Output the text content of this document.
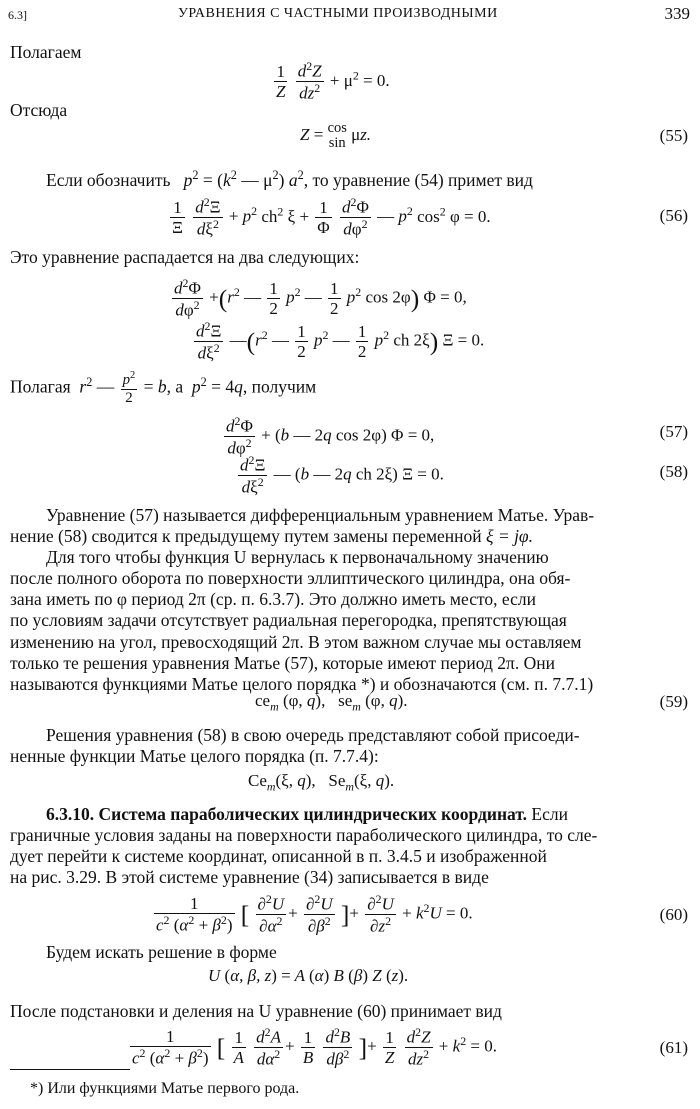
6.3]	УРАВНЕНИЯ С ЧАСТНЫМИ ПРОИЗВОДНЫМИ	339
Полагаем
$\frac{1}{Z}$
$\frac{d^2Z}{dz^2} + \mu^2 = 0$.
Отсюда
Z = cos
sin μz.	(55)
Если обозначить   $p^2 = (k^2$ — $\mu^2$) $a^2$, то уравнение (54) примет вид
$\frac{1}{\Xi}$
$\frac{d^2\Xi}{d\xi^2} + p^2$ $ch^2$ $\xi + \frac{1}{\Phi}$
$\frac{d^2\Phi}{d\varphi^2}$ — $p^2$ $\cos^2 \varphi = 0$.	(56)
Это уравнение распадается на два следующих:
$\frac{d^2\Phi}{d\varphi^2} +(r^2$ — $\frac{1}{2} p^2$ — $\frac{1}{2} p^2$ cos 2φ) Φ = 0,
$\frac{d^2\Xi}{d\xi^2}$ $—(r^2$ — $\frac{1}{2} p^2$ — $\frac{1}{2} p^2$ ch 2ξ) Ξ = 0.
Полагая  $r^2$ — $\frac{p^2}{2} = b$, а  $p^2 = 4q$, получим
$\frac{d^2\Phi}{d\varphi^2} + (b$ — 2q cos 2φ) Φ = 0,	(57)
$\frac{d^2\Xi}{d\xi^2}$ — (b — 2q ch 2ξ) Ξ = 0.	(58)
Уравнение (57) называется дифференциальным уравнением Матье. Урав-
нение (58) сводится к предыдущему путем замены переменной ξ = jφ.
Для того чтобы функция U вернулась к первоначальному значению
после полного оборота по поверхности эллиптического цилиндра, она обя-
зана иметь по φ период 2π (ср. п. 6.3.7). Это должно иметь место, если
по условиям задачи отсутствует радиальная перегородка, препятствующая
изменению на угол, превосходящий 2π. В этом важном случае мы оставляем
только те решения уравнения Матье (57), которые имеют период 2π. Они
называются функциями Матье целого порядка *) и обозначаются (см. п. 7.7.1)
$ce_m$ (φ, q),   $se_m$ (φ, q).	(59)
Решения уравнения (58) в свою очередь представляют собой присоеди-
ненные функции Матье целого порядка (п. 7.7.4):
$Ce_m(\xi$, q),   $Se_m(\xi$, q).
6.3.10. Система параболических цилиндрических координат. Если
граничные условия заданы на поверхности параболического цилиндра, то сле-
дует перейти к системе координат, описанной в п. 3.4.5 и изображенной
на рис. 3.29. В этой системе уравнение (34) записывается в виде
$\frac{1}{c^2 (\alpha^2 + \beta^2)}$ [ $\frac{\partial^2U}{\partial\alpha^2} + \frac{\partial^2U}{\partial\beta^2}$ ]+ $\frac{\partial^2U}{\partial z^2} + k^2U = 0$.	(60)
Будем искать решение в форме
U (α, β, z) = A (α) B (β) Z (z).
После подстановки и деления на U уравнение (60) принимает вид
$\frac{1}{c^2 (\alpha^2 + \beta^2)}$ [ $\frac{1}{A}$
$\frac{d^2A}{d\alpha^2} + \frac{1}{B}$
$\frac{d^2B}{d\beta^2}$ ]+ $\frac{1}{Z}$
$\frac{d^2Z}{dz^2} + k^2 = 0$.	(61)
*) Или функциями Матье первого рода.
